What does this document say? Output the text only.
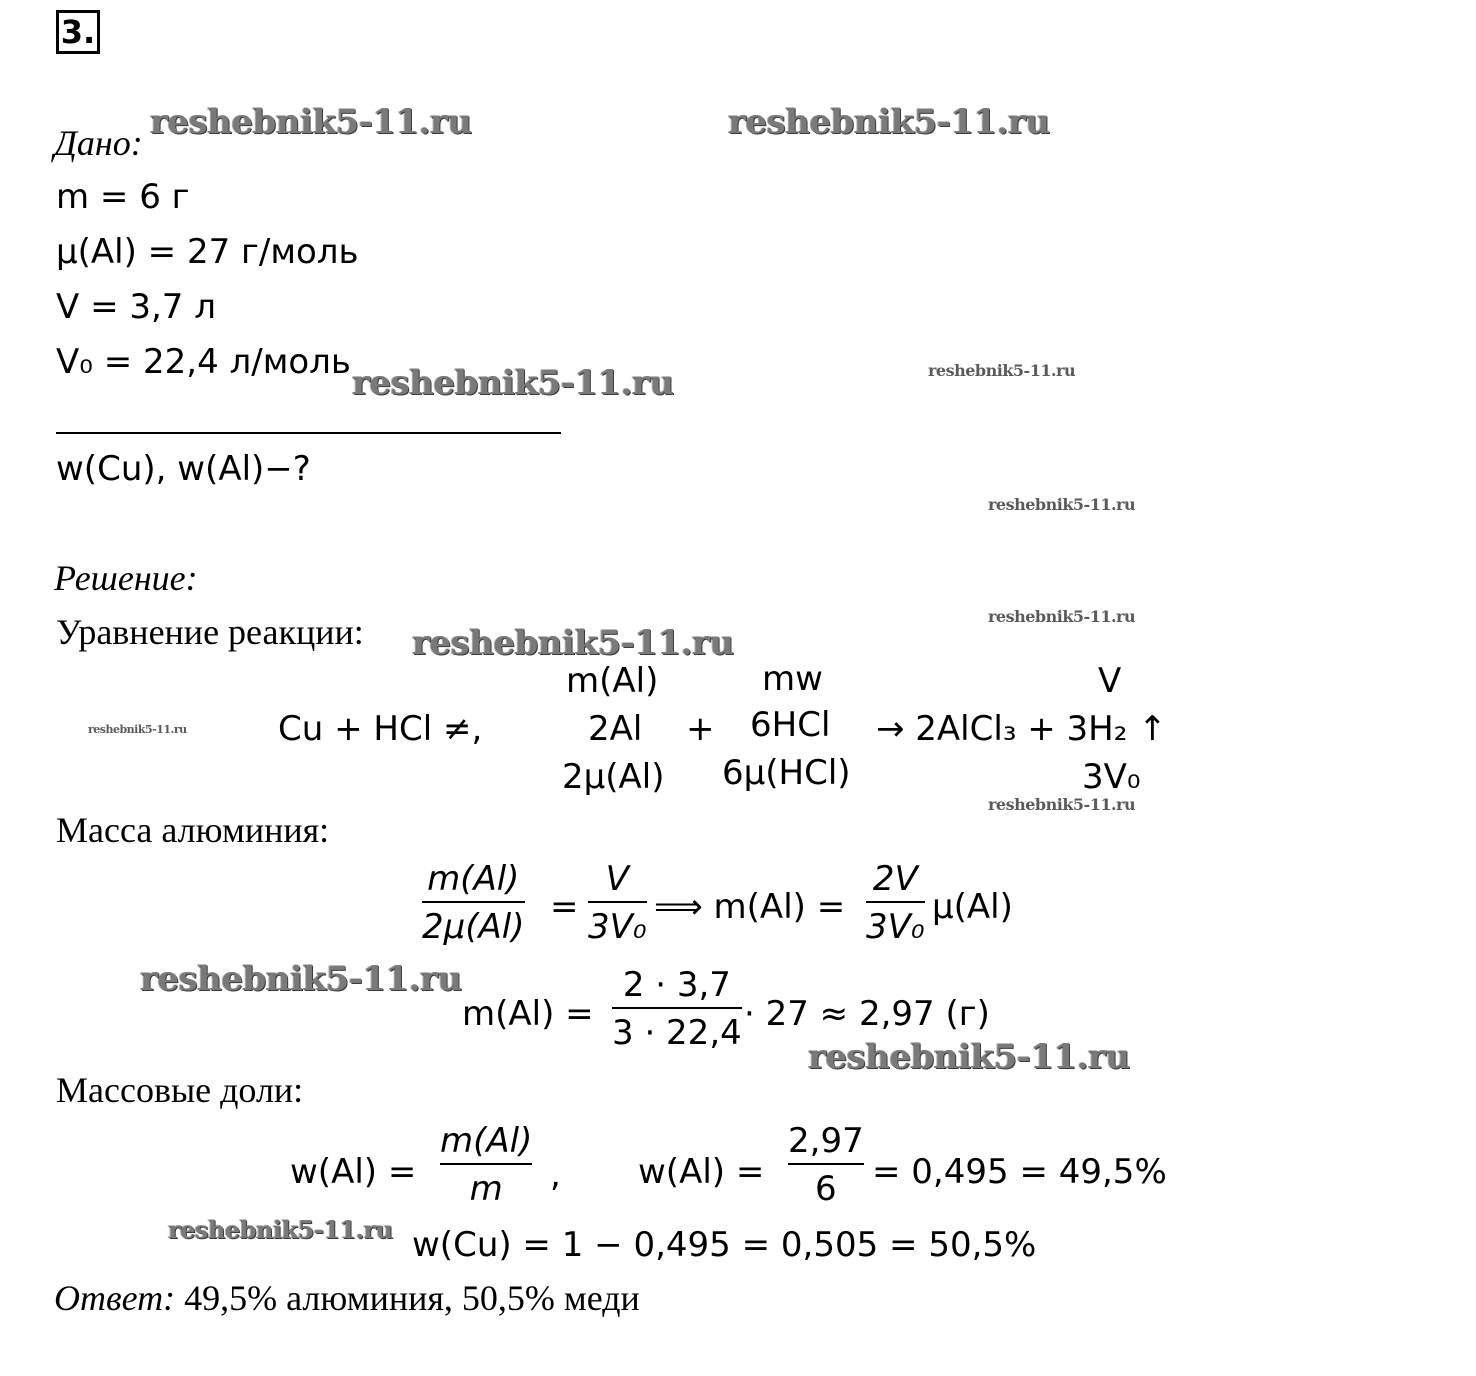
3.
Дано:
m = 6 г
μ(Al) = 27 г/моль
V = 3,7 л
V₀ = 22,4 л/моль
w(Cu), w(Al)−?
Решение:
Уравнение реакции:
Cu + HCl ≠,
m(Al)
2Al
2μ(Al)
+
mw
6HCl
6μ(HCl)
→ 2AlCl₃ + 3H₂ ↑
V
3V₀
Масса алюминия:
m(Al)
2μ(Al) =
V
3V₀ ⟹ m(Al) =
2V
3V₀ μ(Al)
m(Al) =
2 · 3,7
3 · 22,4 · 27 ≈ 2,97 (г)
Массовые доли:
w(Al) =
m(Al)
m , w(Al) =
2,97
6 = 0,495 = 49,5%
w(Cu) = 1 − 0,495 = 0,505 = 50,5%
Ответ: 49,5% алюминия, 50,5% меди
reshebnik5-11.ru	reshebnik5-11.ru
reshebnik5-11.ru	reshebnik5-11.ru
reshebnik5-11.ru
reshebnik5-11.ru
reshebnik5-11.ru
reshebnik5-11.ru
reshebnik5-11.ru
reshebnik5-11.ru
reshebnik5-11.ru
reshebnik5-11.ru
